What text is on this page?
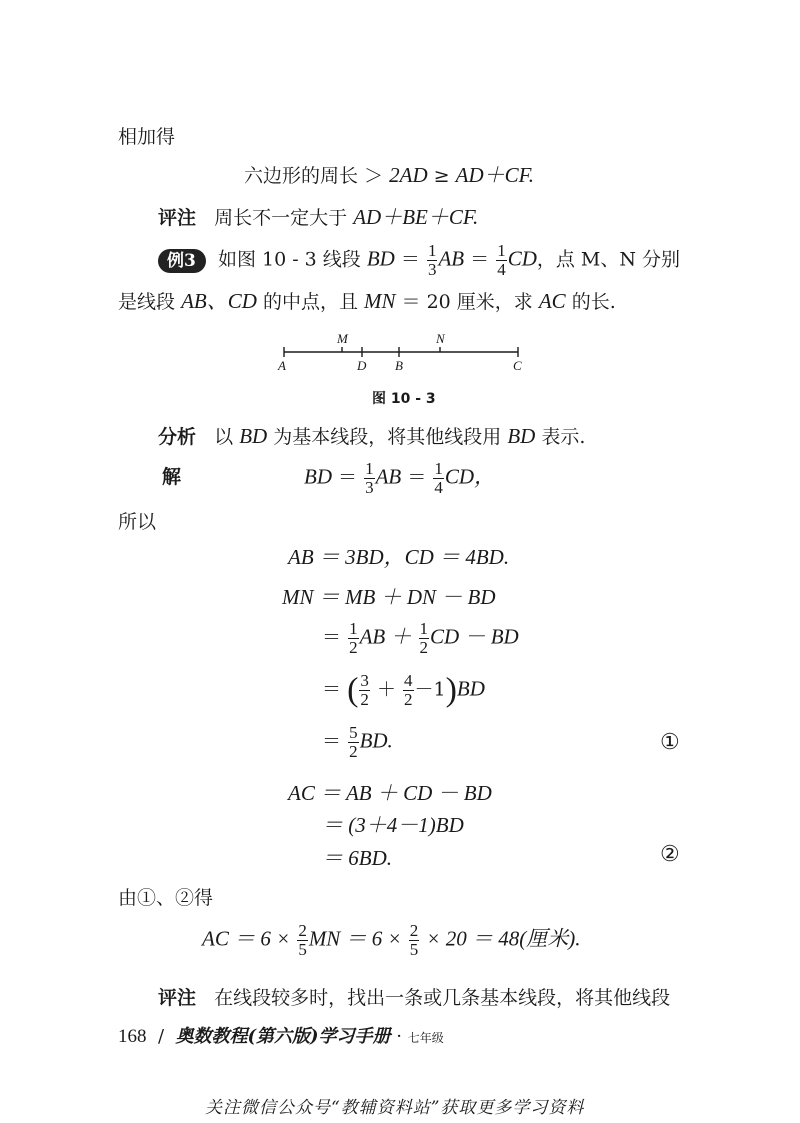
相加得
六边形的周长 ＞ 2AD ≥ AD＋CF.
评注 周长不一定大于 AD＋BE＋CF.
例3 如图 10 - 3 线段 BD ＝ $\frac{1}{3}$ AB ＝ $\frac{1}{4}$ CD，点 M、N 分别
是线段 AB、CD 的中点，且 MN ＝ 20 厘米，求 AC 的长.
A
M
D B
N
C
图 10 - 3
分析 以 BD 为基本线段，将其他线段用 BD 表示.
解	BD ＝ $\frac{1}{3}$ AB ＝ $\frac{1}{4}$ CD，
所以
AB ＝ 3BD，CD ＝ 4BD.
MN ＝ MB ＋ DN － BD
＝ $\frac{1}{2}$ AB ＋ $\frac{1}{2}$ CD － BD
＝ ( $\frac{3}{2} + \frac{4}{2} -1)BD$
＝ $\frac{5}{2}$ BD.	①
AC ＝ AB ＋ CD － BD
＝ (3＋4－1)BD
＝ 6BD.	②
由①、②得
AC ＝ $6 \times \frac{2}{5}$ MN ＝ $6 \times \frac{2}{5} \times 20 = 48$(厘米).
评注 在线段较多时，找出一条或几条基本线段，将其他线段
168 / 奥数教程(第六版)学习手册 · 七年级
关注微信公众号“教辅资料站”获取更多学习资料
